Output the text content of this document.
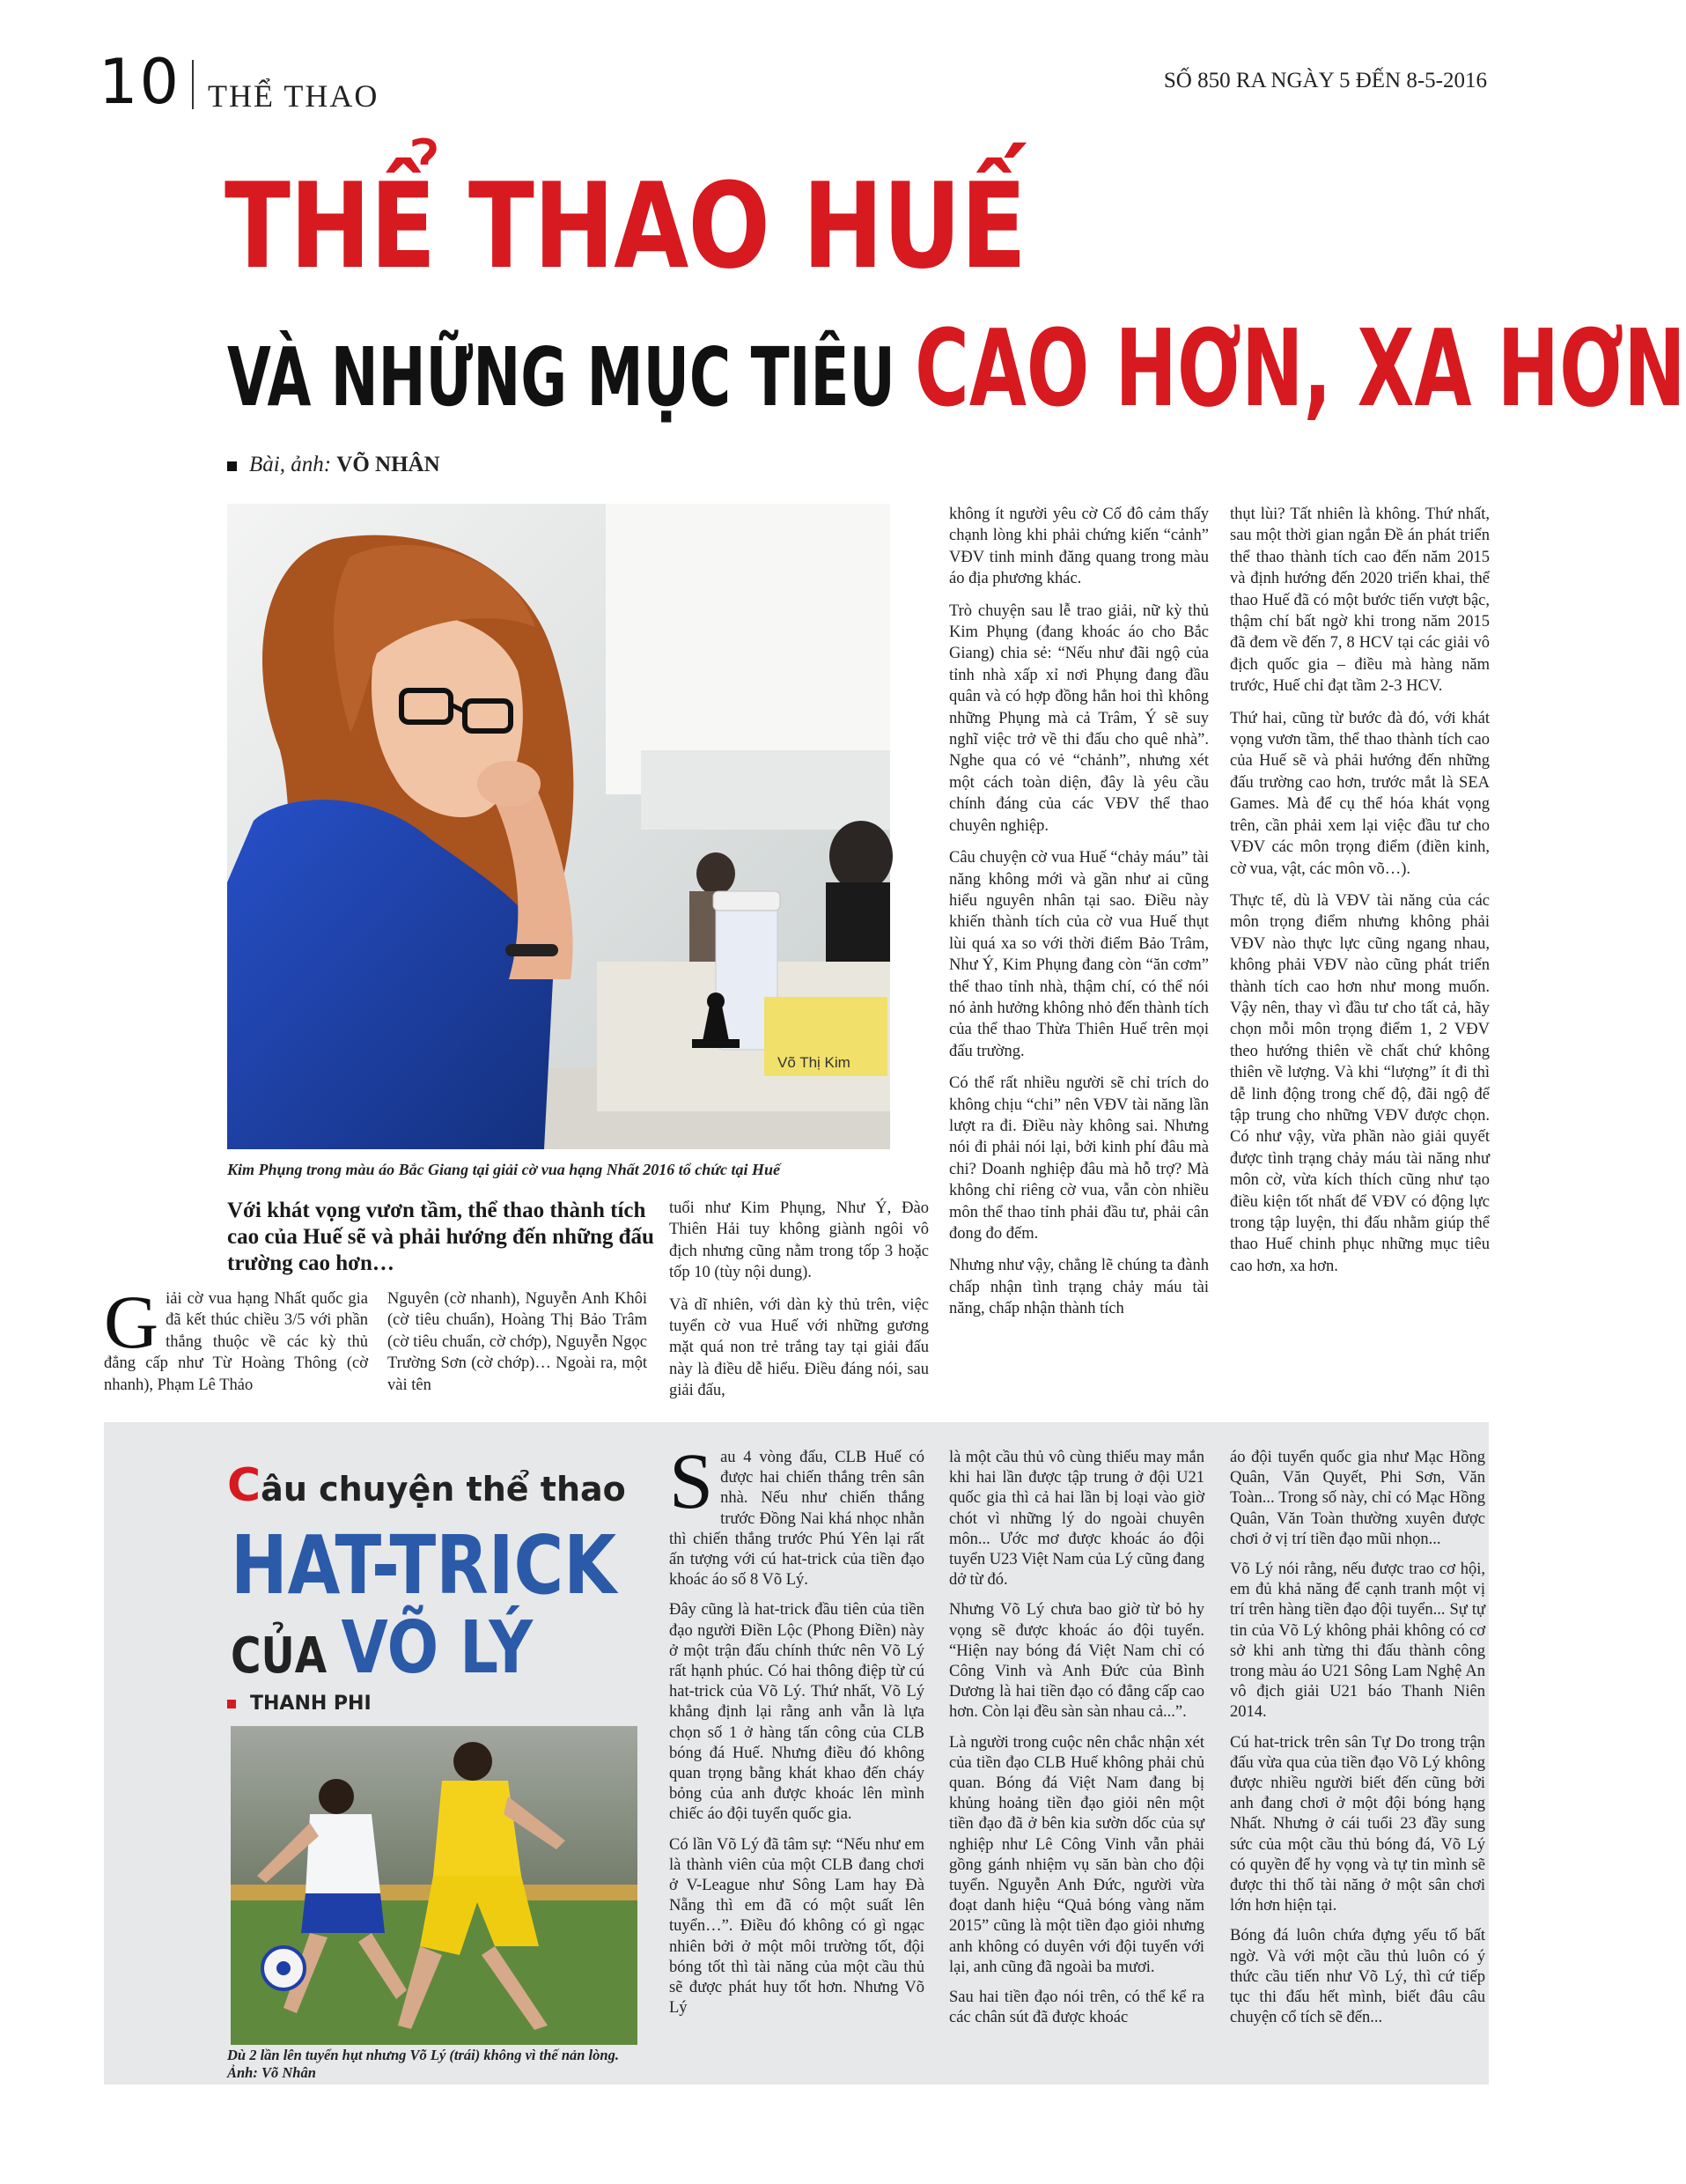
10 THỂ THAO	SỐ 850 RA NGÀY 5 ĐẾN 8-5-2016
THỂ THAO HUẾ
VÀ NHỮNG MỤC TIÊU CAO HƠN, XA HƠN
Bài, ảnh: VÕ NHÂN
Võ Thị Kim
Kim Phụng trong màu áo Bắc Giang tại giải cờ vua hạng Nhất 2016 tổ chức tại Huế
Với khát vọng vươn tầm, thể thao thành tích cao của Huế sẽ và phải hướng đến những đấu trường cao hơn…

Giải cờ vua hạng Nhất quốc gia đã kết thúc chiều 3/5 với phần thắng thuộc về các kỳ thủ đẳng cấp như Từ Hoàng Thông (cờ nhanh), Phạm Lê Thảo

Nguyên (cờ nhanh), Nguyễn Anh Khôi (cờ tiêu chuẩn), Hoàng Thị Bảo Trâm (cờ tiêu chuẩn, cờ chớp), Nguyễn Ngọc Trường Sơn (cờ chớp)… Ngoài ra, một vài tên

tuổi như Kim Phụng, Như Ý, Đào Thiên Hải tuy không giành ngôi vô địch nhưng cũng nằm trong tốp 3 hoặc tốp 10 (tùy nội dung).

Và dĩ nhiên, với dàn kỳ thủ trên, việc tuyển cờ vua Huế với những gương mặt quá non trẻ trắng tay tại giải đấu này là điều dễ hiểu. Điều đáng nói, sau giải đấu,

không ít người yêu cờ Cố đô cảm thấy chạnh lòng khi phải chứng kiến “cảnh” VĐV tinh minh đăng quang trong màu áo địa phương khác.

Trò chuyện sau lễ trao giải, nữ kỳ thủ Kim Phụng (đang khoác áo cho Bắc Giang) chia sẻ: “Nếu như đãi ngộ của tỉnh nhà xấp xỉ nơi Phụng đang đầu quân và có hợp đồng hẳn hoi thì không những Phụng mà cả Trâm, Ý sẽ suy nghĩ việc trở về thi đấu cho quê nhà”. Nghe qua có vẻ “chảnh”, nhưng xét một cách toàn diện, đây là yêu cầu chính đáng của các VĐV thể thao chuyên nghiệp.

Câu chuyện cờ vua Huế “chảy máu” tài năng không mới và gần như ai cũng hiểu nguyên nhân tại sao. Điều này khiến thành tích của cờ vua Huế thụt lùi quá xa so với thời điểm Bảo Trâm, Như Ý, Kim Phụng đang còn “ăn cơm” thể thao tỉnh nhà, thậm chí, có thể nói nó ảnh hưởng không nhỏ đến thành tích của thể thao Thừa Thiên Huế trên mọi đấu trường.

Có thể rất nhiều người sẽ chỉ trích do không chịu “chi” nên VĐV tài năng lần lượt ra đi. Điều này không sai. Nhưng nói đi phải nói lại, bởi kinh phí đâu mà chi? Doanh nghiệp đâu mà hỗ trợ? Mà không chỉ riêng cờ vua, vẫn còn nhiều môn thể thao tỉnh phải đầu tư, phải cân đong đo đếm.

Nhưng như vậy, chẳng lẽ chúng ta đành chấp nhận tình trạng chảy máu tài năng, chấp nhận thành tích

thụt lùi? Tất nhiên là không. Thứ nhất, sau một thời gian ngắn Đề án phát triển thể thao thành tích cao đến năm 2015 và định hướng đến 2020 triển khai, thể thao Huế đã có một bước tiến vượt bậc, thậm chí bất ngờ khi trong năm 2015 đã đem về đến 7, 8 HCV tại các giải vô địch quốc gia – điều mà hàng năm trước, Huế chỉ đạt tầm 2-3 HCV.

Thứ hai, cũng từ bước đà đó, với khát vọng vươn tầm, thể thao thành tích cao của Huế sẽ và phải hướng đến những đấu trường cao hơn, trước mắt là SEA Games. Mà để cụ thể hóa khát vọng trên, cần phải xem lại việc đầu tư cho VĐV các môn trọng điểm (điền kinh, cờ vua, vật, các môn võ…).

Thực tế, dù là VĐV tài năng của các môn trọng điểm nhưng không phải VĐV nào thực lực cũng ngang nhau, không phải VĐV nào cũng phát triển thành tích cao hơn như mong muốn. Vậy nên, thay vì đầu tư cho tất cả, hãy chọn mỗi môn trọng điểm 1, 2 VĐV theo hướng thiên về chất chứ không thiên về lượng. Và khi “lượng” ít đi thì dễ linh động trong chế độ, đãi ngộ để tập trung cho những VĐV được chọn. Có như vậy, vừa phần nào giải quyết được tình trạng chảy máu tài năng như môn cờ, vừa kích thích cũng như tạo điều kiện tốt nhất để VĐV có động lực trong tập luyện, thi đấu nhằm giúp thể thao Huế chinh phục những mục tiêu cao hơn, xa hơn.

Câu chuyện thể thao
HAT-TRICK
CỦA VÕ LÝ
THANH PHI
Dù 2 lần lên tuyển hụt nhưng Võ Lý (trái) không vì thế nản lòng. Ảnh: Võ Nhân

Sau 4 vòng đấu, CLB Huế có được hai chiến thắng trên sân nhà. Nếu như chiến thắng trước Đồng Nai khá nhọc nhằn thì chiến thắng trước Phú Yên lại rất ấn tượng với cú hat-trick của tiền đạo khoác áo số 8 Võ Lý.

Đây cũng là hat-trick đầu tiên của tiền đạo người Điền Lộc (Phong Điền) này ở một trận đấu chính thức nên Võ Lý rất hạnh phúc. Có hai thông điệp từ cú hat-trick của Võ Lý. Thứ nhất, Võ Lý khẳng định lại rằng anh vẫn là lựa chọn số 1 ở hàng tấn công của CLB bóng đá Huế. Nhưng điều đó không quan trọng bằng khát khao đến cháy bỏng của anh được khoác lên mình chiếc áo đội tuyển quốc gia.

Có lần Võ Lý đã tâm sự: “Nếu như em là thành viên của một CLB đang chơi ở V-League như Sông Lam hay Đà Nẵng thì em đã có một suất lên tuyển…”. Điều đó không có gì ngạc nhiên bởi ở một môi trường tốt, đội bóng tốt thì tài năng của một cầu thủ sẽ được phát huy tốt hơn. Nhưng Võ Lý

là một cầu thủ vô cùng thiếu may mắn khi hai lần được tập trung ở đội U21 quốc gia thì cả hai lần bị loại vào giờ chót vì những lý do ngoài chuyên môn... Ước mơ được khoác áo đội tuyển U23 Việt Nam của Lý cũng đang dở từ đó.

Nhưng Võ Lý chưa bao giờ từ bỏ hy vọng sẽ được khoác áo đội tuyển. “Hiện nay bóng đá Việt Nam chỉ có Công Vinh và Anh Đức của Bình Dương là hai tiền đạo có đẳng cấp cao hơn. Còn lại đều sàn sàn nhau cả...”.

Là người trong cuộc nên chắc nhận xét của tiền đạo CLB Huế không phải chủ quan. Bóng đá Việt Nam đang bị khủng hoảng tiền đạo giỏi nên một tiền đạo đã ở bên kia sườn dốc của sự nghiệp như Lê Công Vinh vẫn phải gồng gánh nhiệm vụ săn bàn cho đội tuyển. Nguyễn Anh Đức, người vừa đoạt danh hiệu “Quả bóng vàng năm 2015” cũng là một tiền đạo giỏi nhưng anh không có duyên với đội tuyển với lại, anh cũng đã ngoài ba mươi.

Sau hai tiền đạo nói trên, có thể kể ra các chân sút đã được khoác

áo đội tuyển quốc gia như Mạc Hồng Quân, Văn Quyết, Phi Sơn, Văn Toàn... Trong số này, chỉ có Mạc Hồng Quân, Văn Toàn thường xuyên được chơi ở vị trí tiền đạo mũi nhọn...

Võ Lý nói rằng, nếu được trao cơ hội, em đủ khả năng để cạnh tranh một vị trí trên hàng tiền đạo đội tuyển... Sự tự tin của Võ Lý không phải không có cơ sở khi anh từng thi đấu thành công trong màu áo U21 Sông Lam Nghệ An vô địch giải U21 báo Thanh Niên 2014.

Cú hat-trick trên sân Tự Do trong trận đấu vừa qua của tiền đạo Võ Lý không được nhiều người biết đến cũng bởi anh đang chơi ở một đội bóng hạng Nhất. Nhưng ở cái tuổi 23 đầy sung sức của một cầu thủ bóng đá, Võ Lý có quyền để hy vọng và tự tin mình sẽ được thi thố tài năng ở một sân chơi lớn hơn hiện tại.

Bóng đá luôn chứa đựng yếu tố bất ngờ. Và với một cầu thủ luôn có ý thức cầu tiến như Võ Lý, thì cứ tiếp tục thi đấu hết mình, biết đâu câu chuyện cổ tích sẽ đến...
